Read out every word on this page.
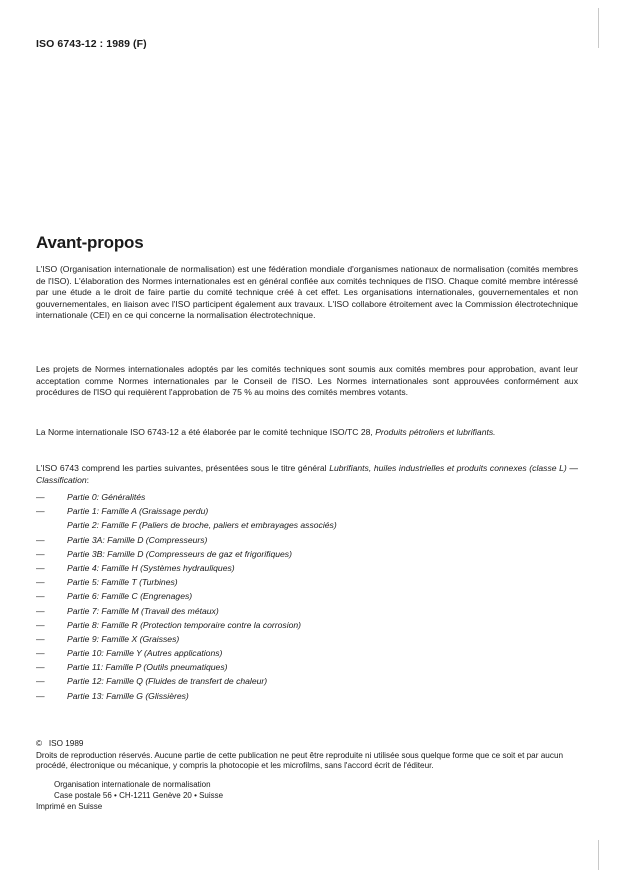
ISO 6743-12 : 1989 (F)
Avant-propos

L'ISO (Organisation internationale de normalisation) est une fédération mondiale d'organismes nationaux de normalisation (comités membres de l'ISO). L'élaboration des Normes internationales est en général confiée aux comités techniques de l'ISO. Chaque comité membre intéressé par une étude a le droit de faire partie du comité technique créé à cet effet. Les organisations internationales, gouvernementales et non gouvernementales, en liaison avec l'ISO participent également aux travaux. L'ISO collabore étroitement avec la Commission électrotechnique internationale (CEI) en ce qui concerne la normalisation électrotechnique.

Les projets de Normes internationales adoptés par les comités techniques sont soumis aux comités membres pour approbation, avant leur acceptation comme Normes internationales par le Conseil de l'ISO. Les Normes internationales sont approuvées conformément aux procédures de l'ISO qui requièrent l'approbation de 75 % au moins des comités membres votants.

La Norme internationale ISO 6743-12 a été élaborée par le comité technique ISO/TC 28, Produits pétroliers et lubrifiants.

L'ISO 6743 comprend les parties suivantes, présentées sous le titre général Lubrifiants, huiles industrielles et produits connexes (classe L) — Classification:

—	Partie 0: Généralités
—	Partie 1: Famille A (Graissage perdu)
Partie 2: Famille F (Paliers de broche, paliers et embrayages associés)
—	Partie 3A: Famille D (Compresseurs)
—	Partie 3B: Famille D (Compresseurs de gaz et frigorifiques)
—	Partie 4: Famille H (Systèmes hydrauliques)
—	Partie 5: Famille T (Turbines)
—	Partie 6: Famille C (Engrenages)
—	Partie 7: Famille M (Travail des métaux)
—	Partie 8: Famille R (Protection temporaire contre la corrosion)
—	Partie 9: Famille X (Graisses)
—	Partie 10: Famille Y (Autres applications)
—	Partie 11: Famille P (Outils pneumatiques)
—	Partie 12: Famille Q (Fluides de transfert de chaleur)
—	Partie 13: Famille G (Glissières)
© ISO 1989
Droits de reproduction réservés. Aucune partie de cette publication ne peut être reproduite ni utilisée sous quelque forme que ce soit et par aucun procédé, électronique ou mécanique, y compris la photocopie et les microfilms, sans l'accord écrit de l'éditeur.
Organisation internationale de normalisation
Case postale 56 • CH-1211 Genève 20 • Suisse
Imprimé en Suisse
